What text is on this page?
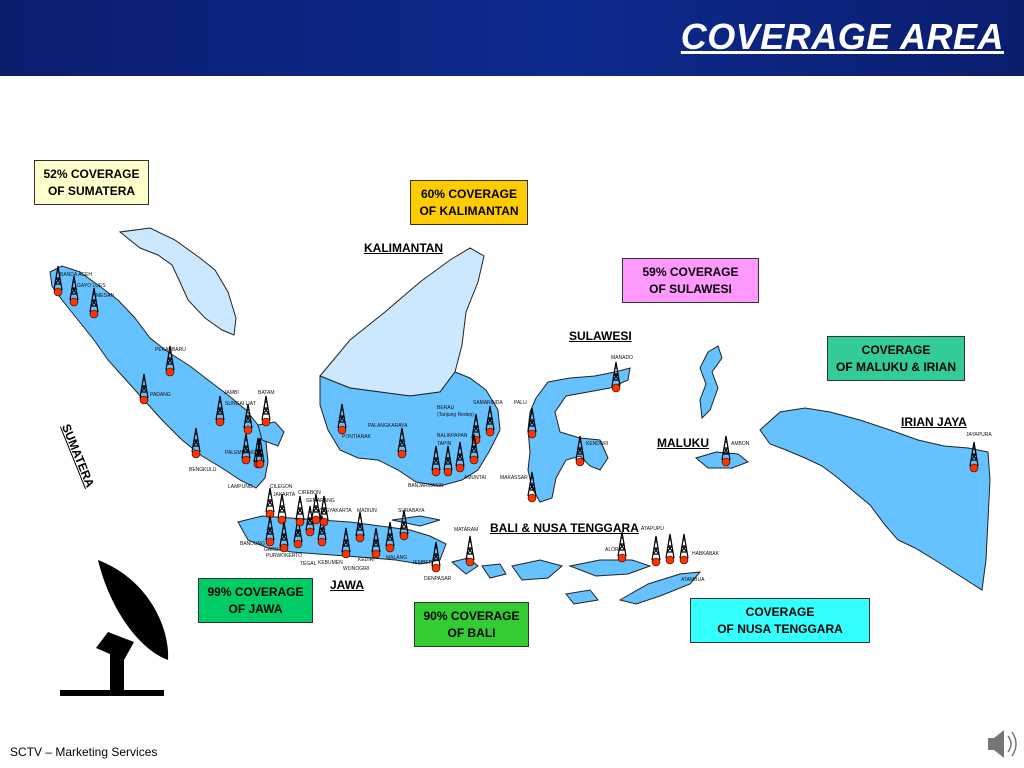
COVERAGE AREA
52% COVERAGE
OF SUMATERA	60% COVERAGE
OF KALIMANTAN
59% COVERAGE
OF SULAWESI
COVERAGE
OF MALUKU & IRIAN
99% COVERAGE
OF JAWA	90% COVERAGE
OF BALI
COVERAGE
OF NUSA TENGGARA
KALIMANTAN
SULAWESI
SUMATERA	MALUKU
IRIAN JAYA
BALI & NUSA TENGGARA
JAWA
BANDA ACEH
GAYO LUES
MEDAN
PEKANBARU
PADANG	JAMBI	BATAM
SUNGAI LIAT
PALEMBANG
BENGKULU
LAMPUNG	CILEGON
JAKARTA CIREBON
SEMARANG
YOGYAKARTA MADIUN	SURABAYA
BANDUNG
GARUT
PURWOKERTO
TEGAL KEBUMEN
WONOGIRI
KEDIRI MALANG
JEMBER
DENPASAR
MATARAM	ATAPUPU
ALOR
HABKABAK
ATAMBUA
PONTIANAK
PALANGKARAYA
BERAU
(Tanjung Redep)
SAMARINDA PALU
BALIKPAPAN
TAPIN
BANJARMASIN
AMUNTAI	MAKASSAR
KENDARI
MANADO
AMBON
JAYAPURA
SCTV – Marketing Services
